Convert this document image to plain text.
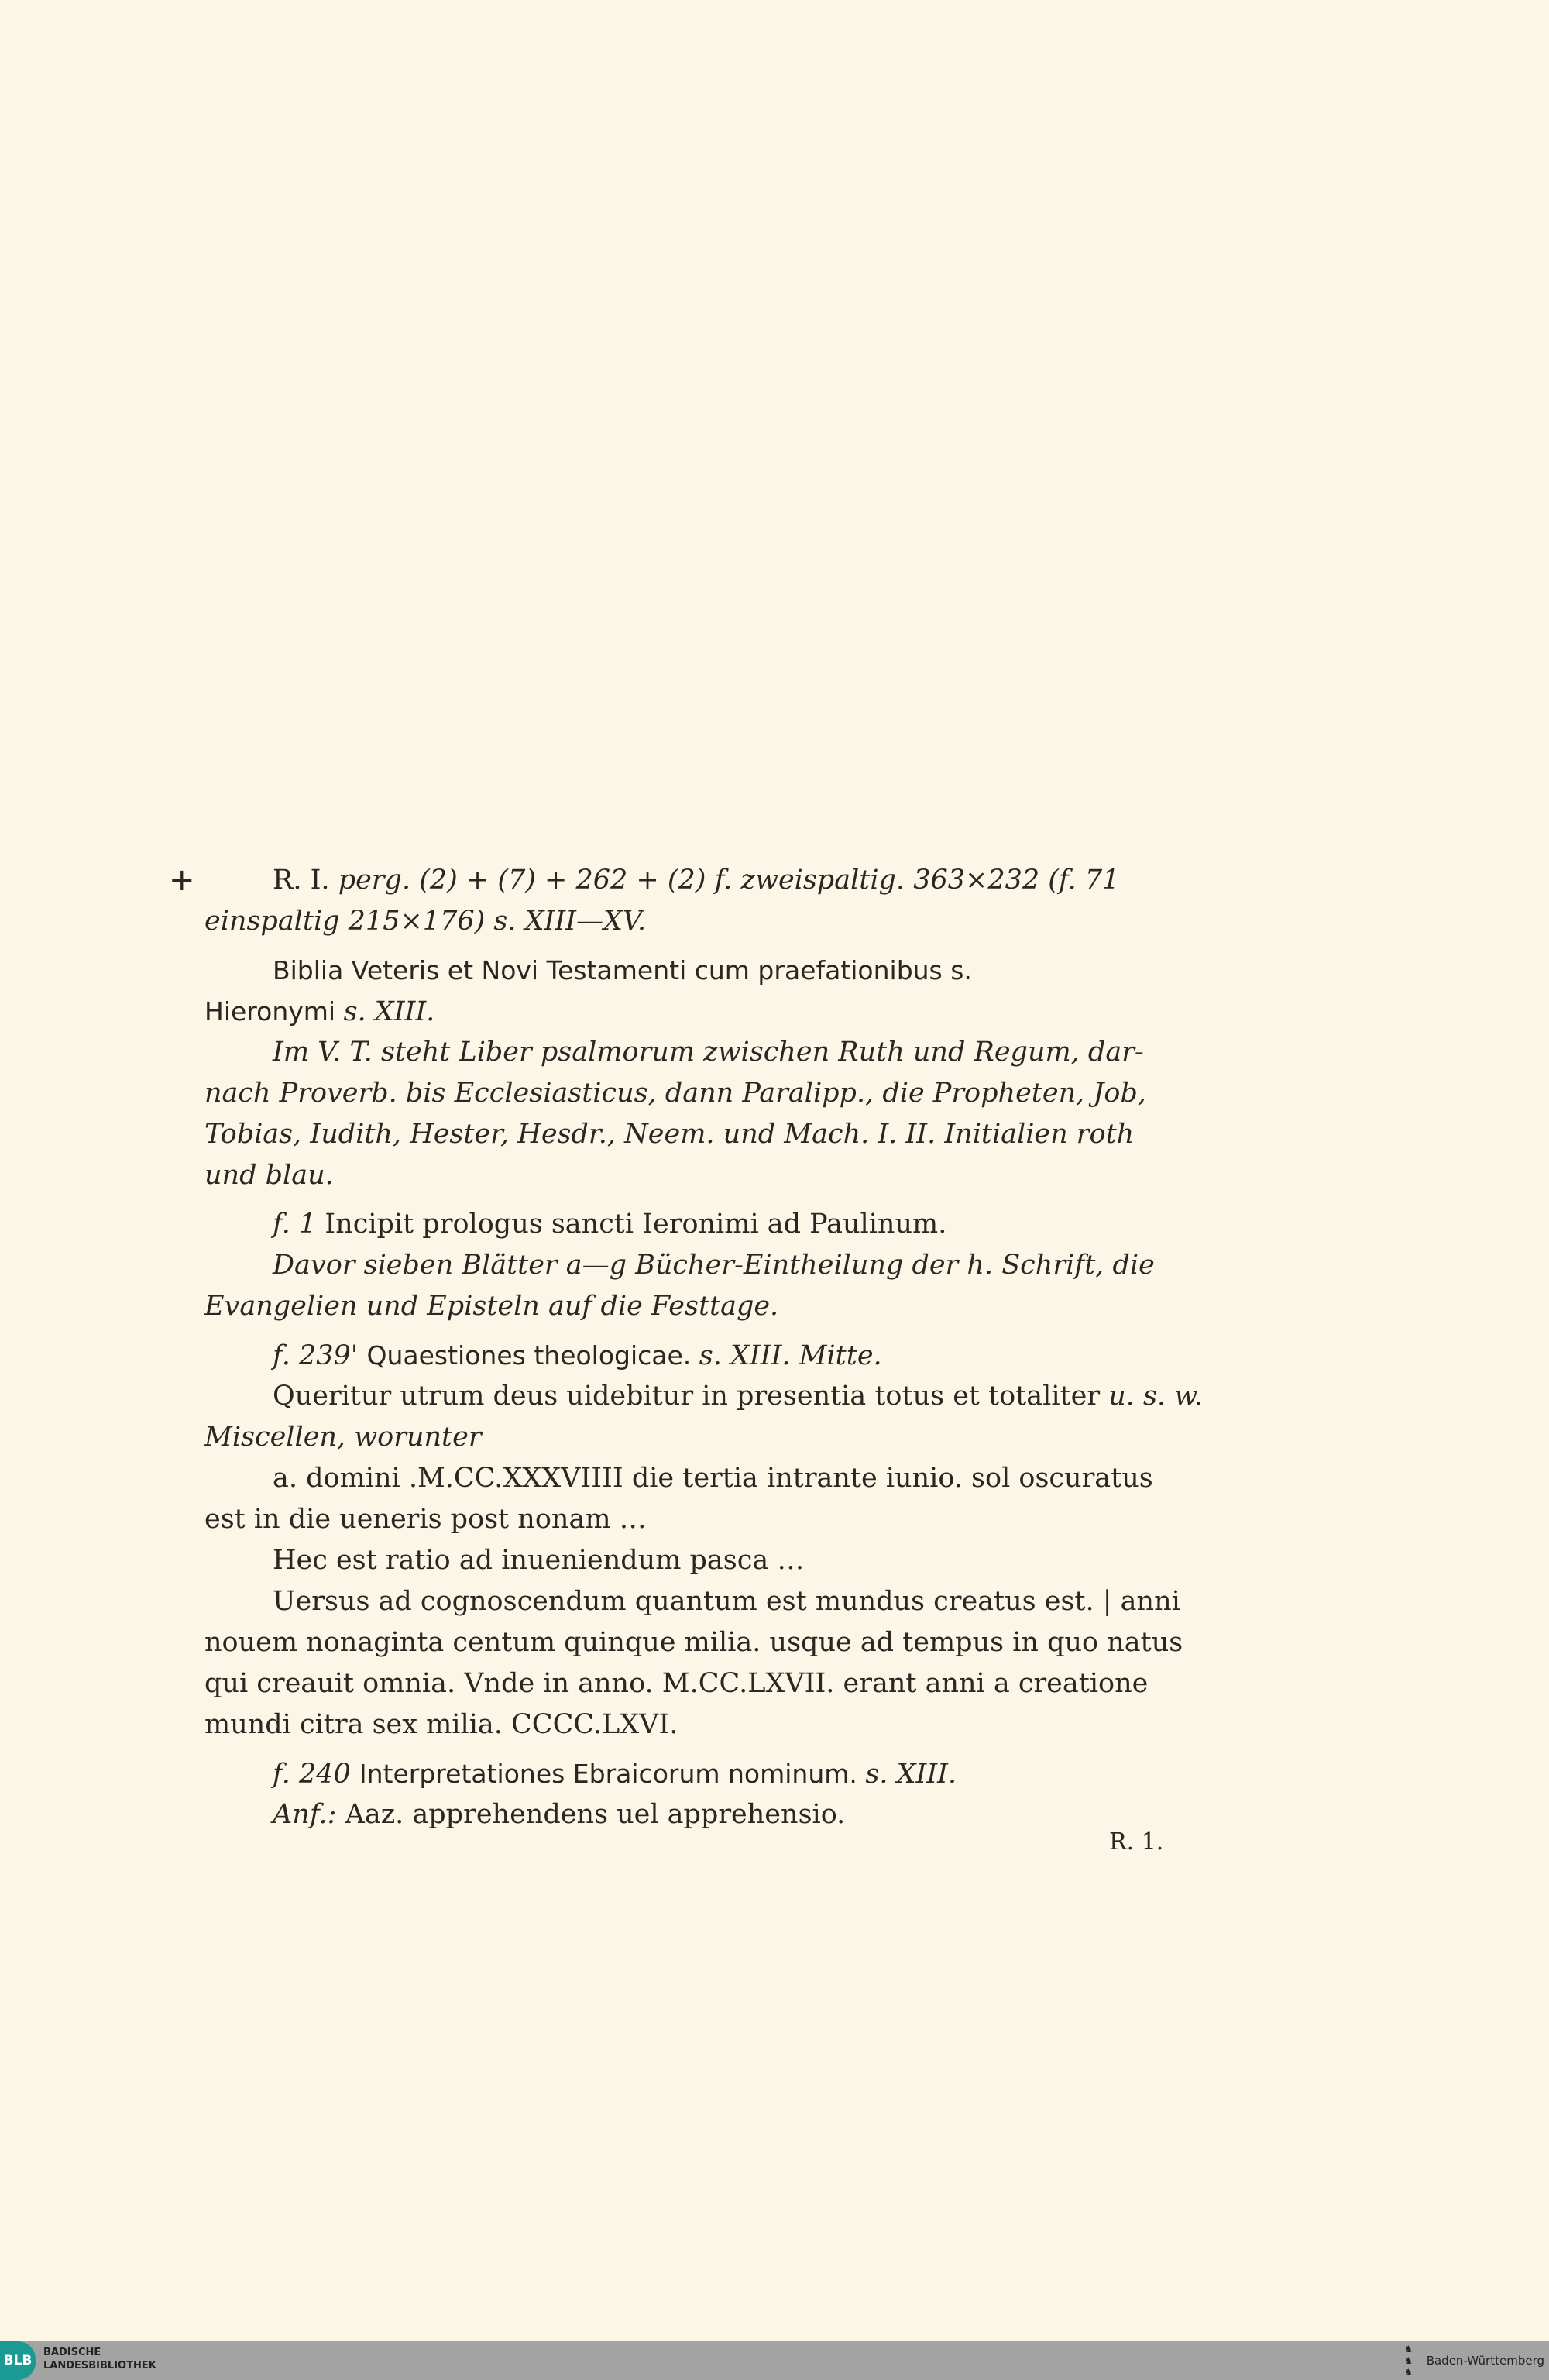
+	R. I. perg. (2) + (7) + 262 + (2) f. zweispaltig. 363×232 (f. 71
einspaltig 215×176) s. XIII—XV.
Biblia Veteris et Novi Testamenti cum praefationibus s.
Hieronymi s. XIII.
Im V. T. steht Liber psalmorum zwischen Ruth und Regum, dar-
nach Proverb. bis Ecclesiasticus, dann Paralipp., die Propheten, Job,
Tobias, Iudith, Hester, Hesdr., Neem. und Mach. I. II. Initialien roth
und blau.
f. 1 Incipit prologus sancti Ieronimi ad Paulinum.
Davor sieben Blätter a—g Bücher-Eintheilung der h. Schrift, die
Evangelien und Episteln auf die Festtage.
f. 239' Quaestiones theologicae. s. XIII. Mitte.
Queritur utrum deus uidebitur in presentia totus et totaliter u. s. w.
Miscellen, worunter
a. domini .M.CC.XXXVIIII die tertia intrante iunio. sol oscuratus
est in die ueneris post nonam …
Hec est ratio ad inueniendum pasca …
Uersus ad cognoscendum quantum est mundus creatus est. | anni
nouem nonaginta centum quinque milia. usque ad tempus in quo natus
qui creauit omnia. Vnde in anno. M.CC.LXVII. erant anni a creatione
mundi citra sex milia. CCCC.LXVI.
f. 240 Interpretationes Ebraicorum nominum. s. XIII.
Anf.: Aaz. apprehendens uel apprehensio.
R. 1.
BLB
BADISCHE
LANDESBIBLIOTHEK
♞
♞
♞
Baden-Württemberg
